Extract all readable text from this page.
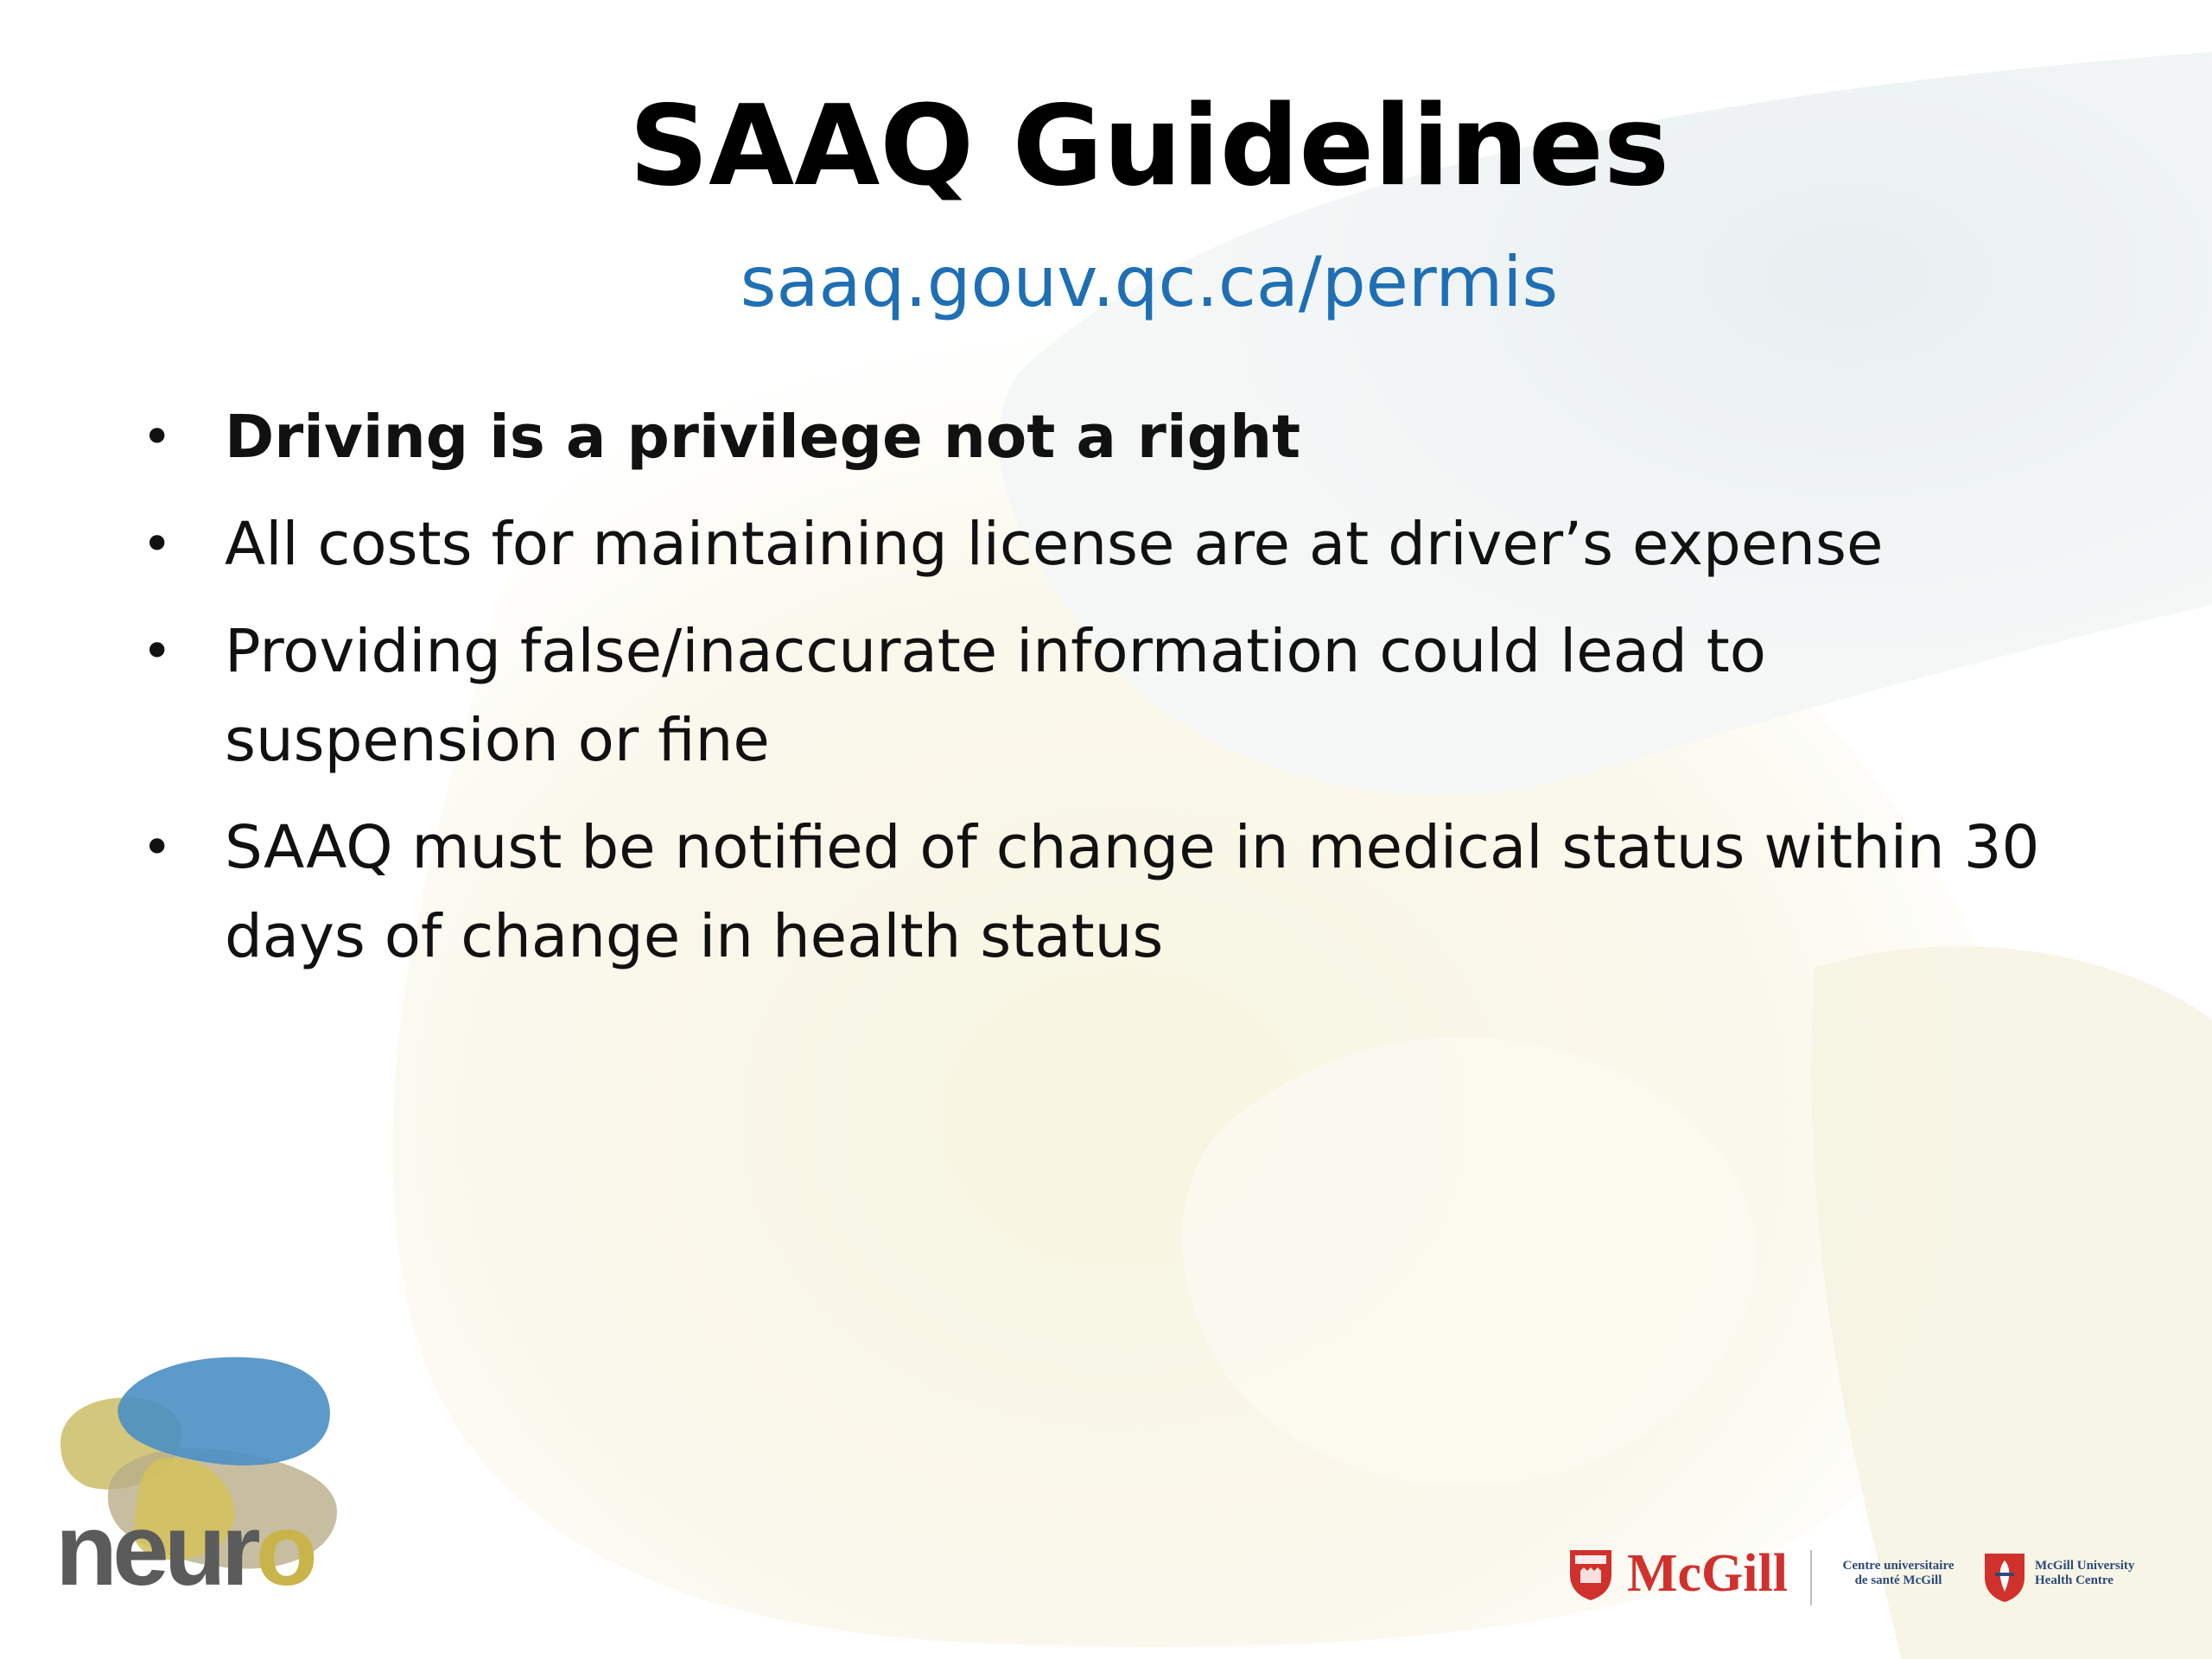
SAAQ Guidelines
saaq.gouv.qc.ca/permis
• Driving is a privilege not a right
• All costs for maintaining license are at driver’s expense
• Providing false/inaccurate information could lead to suspension or fine
• SAAQ must be notified of change in medical status within 30 days of change in health status
neuro	McGill	Centre universitaire
de santé McGill
McGill University
Health Centre
